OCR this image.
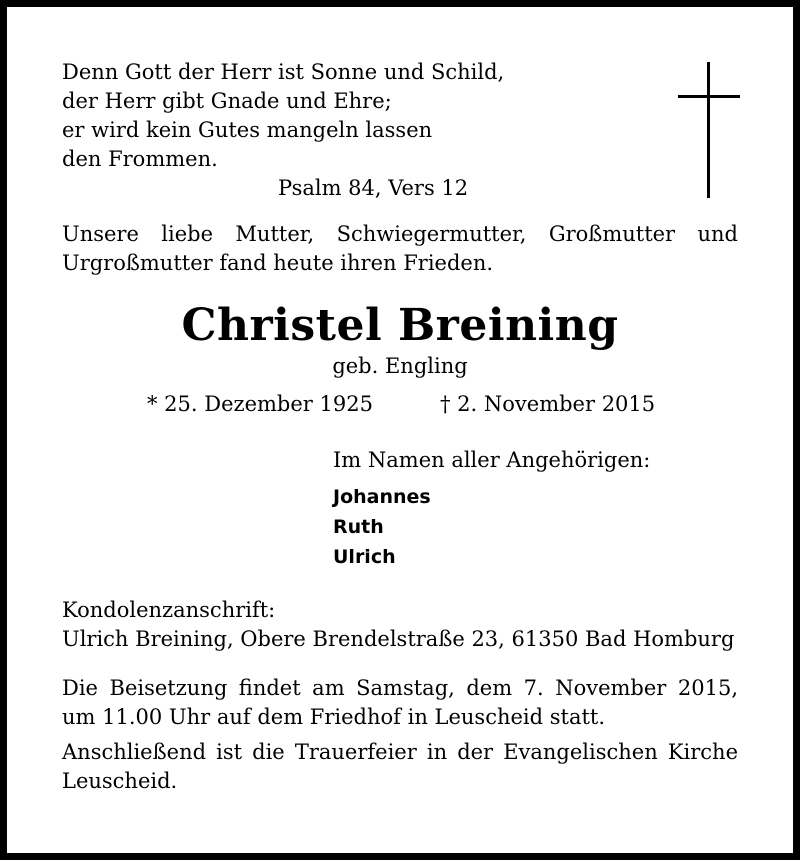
Denn Gott der Herr ist Sonne und Schild,
der Herr gibt Gnade und Ehre;
er wird kein Gutes mangeln lassen
den Frommen.
Psalm 84, Vers 12
Unsere liebe Mutter, Schwiegermutter, Großmutter und Urgroßmutter fand heute ihren Frieden.
Christel Breining
geb. Engling
* 25. Dezember 1925	† 2. November 2015
Im Namen aller Angehörigen:
Johannes
Ruth
Ulrich
Kondolenzanschrift:
Ulrich Breining, Obere Brendelstraße 23, 61350 Bad Homburg
Die Beisetzung findet am Samstag, dem 7. November 2015, um 11.00 Uhr auf dem Friedhof in Leuscheid statt.
Anschließend ist die Trauerfeier in der Evangelischen Kirche Leuscheid.
